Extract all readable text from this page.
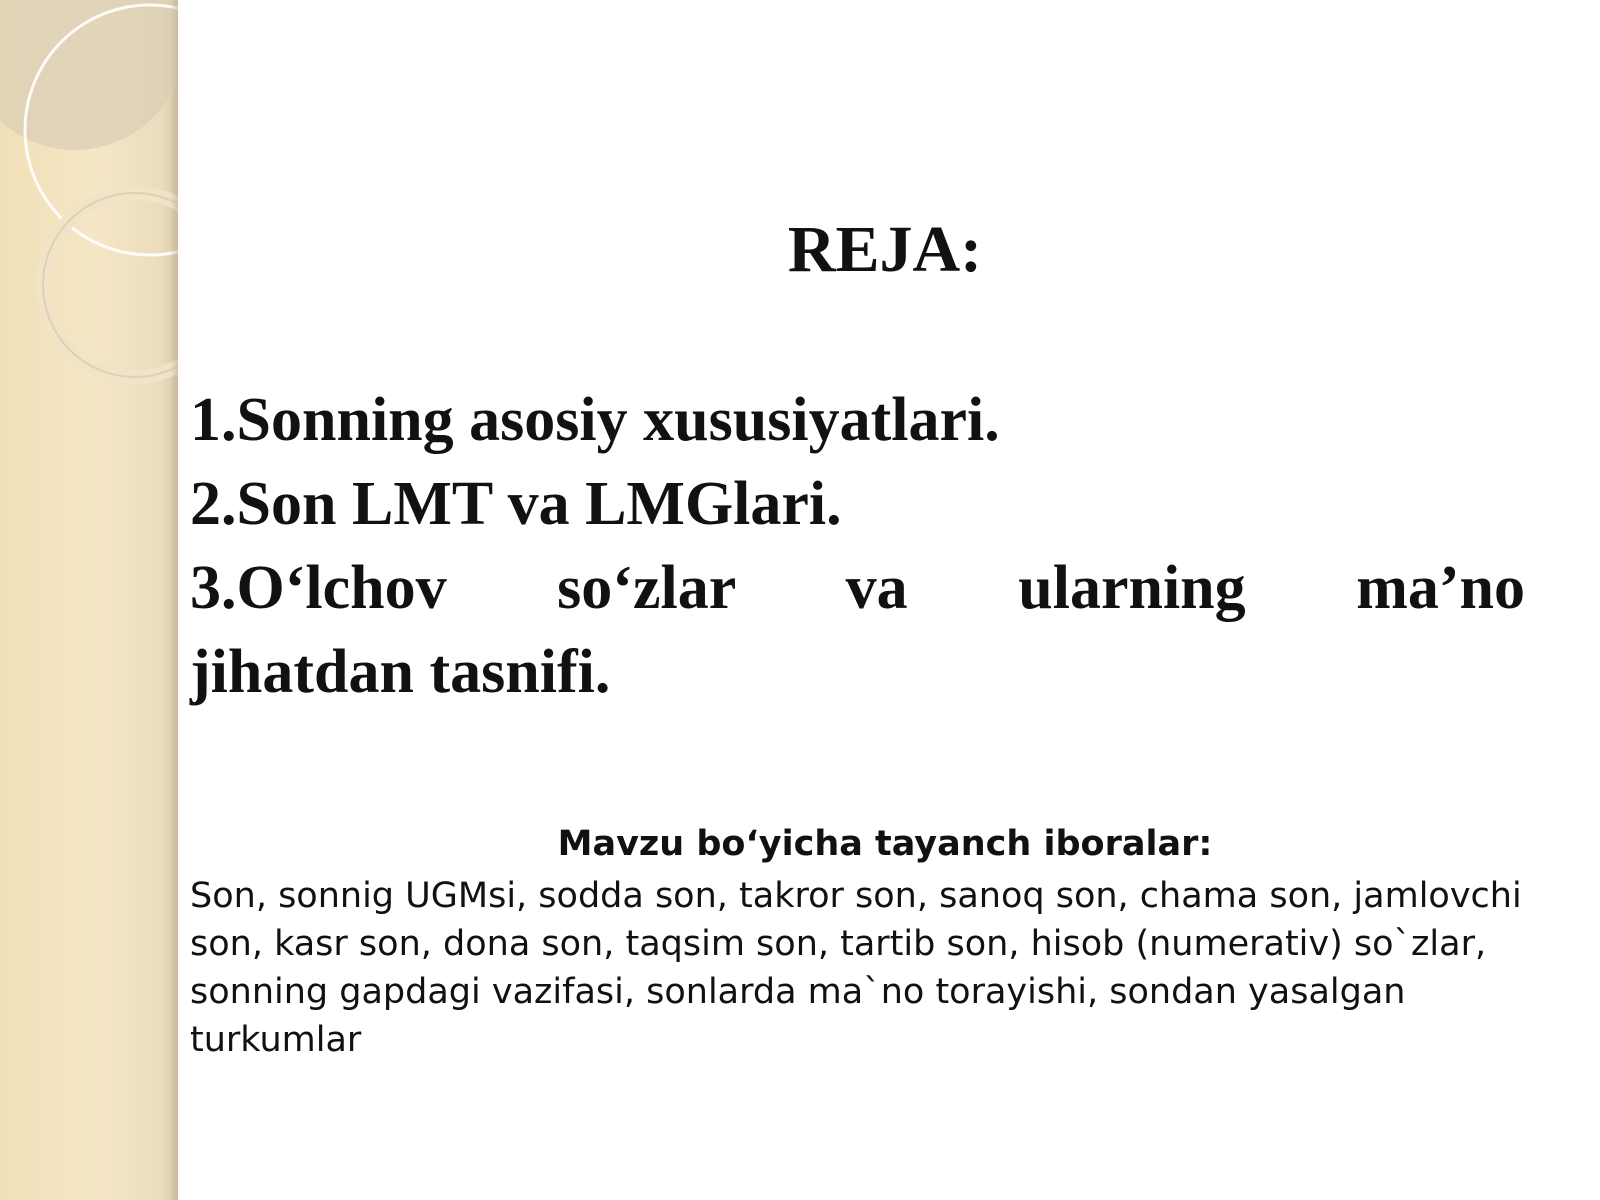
REJA:
1.Sonning asosiy xususiyatlari.
2.Son LMT va LMGlari.
3.O‘lchov so‘zlar va ularning ma’no
jihatdan tasnifi.
Mavzu bo‘yicha tayanch iboralar:
Son, sonnig UGMsi, sodda son, takror son, sanoq son, chama son, jamlovchi son, kasr son, dona son, taqsim son, tartib son, hisob (numerativ) so`zlar, sonning gapdagi vazifasi, sonlarda ma`no torayishi, sondan yasalgan turkumlar
